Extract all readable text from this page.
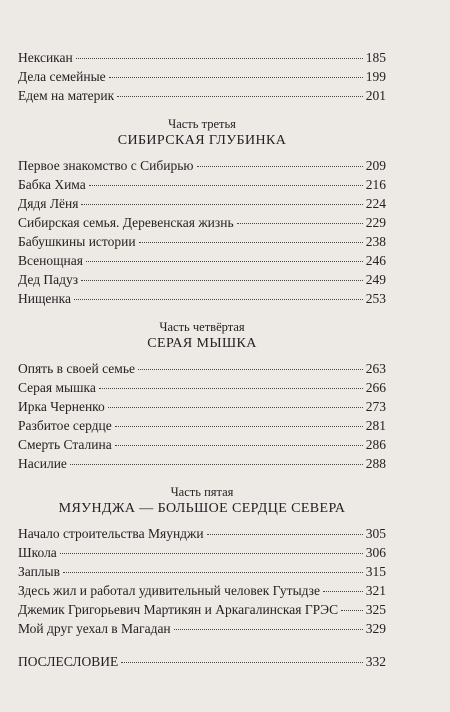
Нексикан	185
Дела семейные	199
Едем на материк	201
Часть третья
СИБИРСКАЯ ГЛУБИНКА
Первое знакомство с Сибирью	209
Бабка Хима	216
Дядя Лёня	224
Сибирская семья. Деревенская жизнь	229
Бабушкины истории	238
Всенощная	246
Дед Падуз	249
Нищенка	253
Часть четвёртая
СЕРАЯ МЫШКА
Опять в своей семье	263
Серая мышка	266
Ирка Черненко	273
Разбитое сердце	281
Смерть Сталина	286
Насилие	288
Часть пятая
МЯУНДЖА — БОЛЬШОЕ СЕРДЦЕ СЕВЕРА
Начало строительства Мяунджи	305
Школа	306
Заплыв	315
Здесь жил и работал удивительный человек Гутыдзе	321
Джемик Григорьевич Мартикян и Аркагалинская ГРЭС 325
Мой друг уехал в Магадан	329
ПОСЛЕСЛОВИЕ	332
